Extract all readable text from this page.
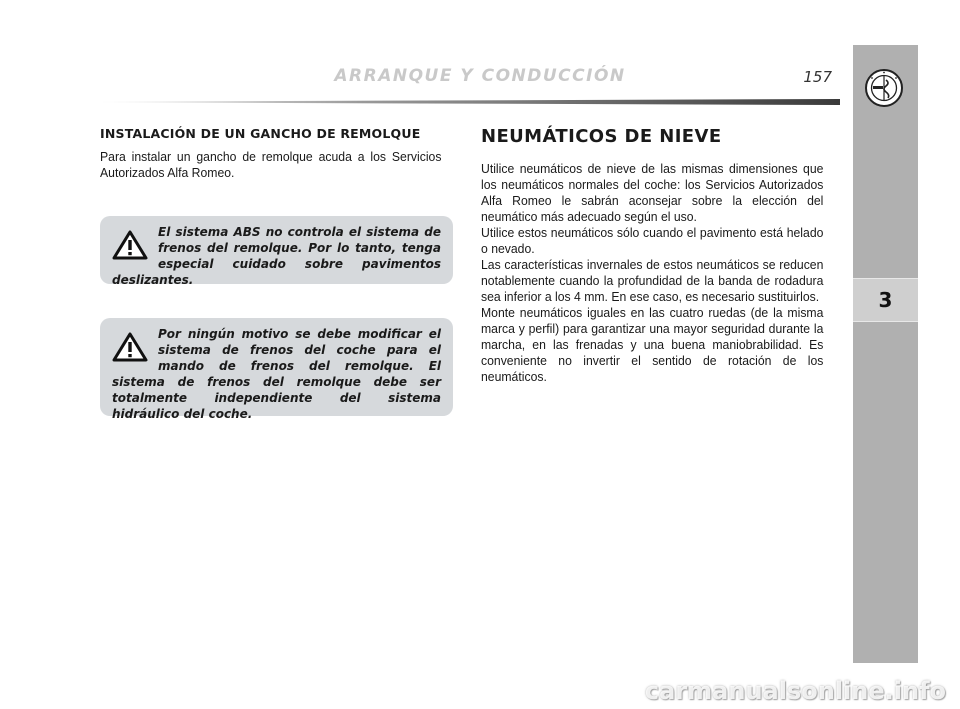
ARRANQUE Y CONDUCCIÓN	157
3
INSTALACIÓN DE UN GANCHO DE REMOLQUE

Para instalar un gancho de remolque acuda a los Servicios Autorizados Alfa Romeo.

El sistema ABS no controla el sistema de frenos del remolque. Por lo tanto, tenga especial cuidado sobre pavimentos deslizantes.

Por ningún motivo se debe modificar el sistema de frenos del coche para el mando de frenos del remolque. El sistema de frenos del remolque debe ser totalmente independiente del sistema hidráulico del coche.

NEUMÁTICOS DE NIEVE

Utilice neumáticos de nieve de las mismas dimensiones que los neumáticos normales del coche: los Servicios Autorizados Alfa Romeo le sabrán aconsejar sobre la elección del neumático más adecuado según el uso.

Utilice estos neumáticos sólo cuando el pavimento está helado o nevado.

Las características invernales de estos neumáticos se reducen notablemente cuando la profundidad de la banda de rodadura sea inferior a los 4 mm. En ese caso, es necesario sustituirlos.

Monte neumáticos iguales en las cuatro ruedas (de la misma marca y perfil) para garantizar una mayor seguridad durante la marcha, en las frenadas y una buena maniobrabilidad. Es conveniente no invertir el sentido de rotación de los neumáticos.

carmanualsonline.info
